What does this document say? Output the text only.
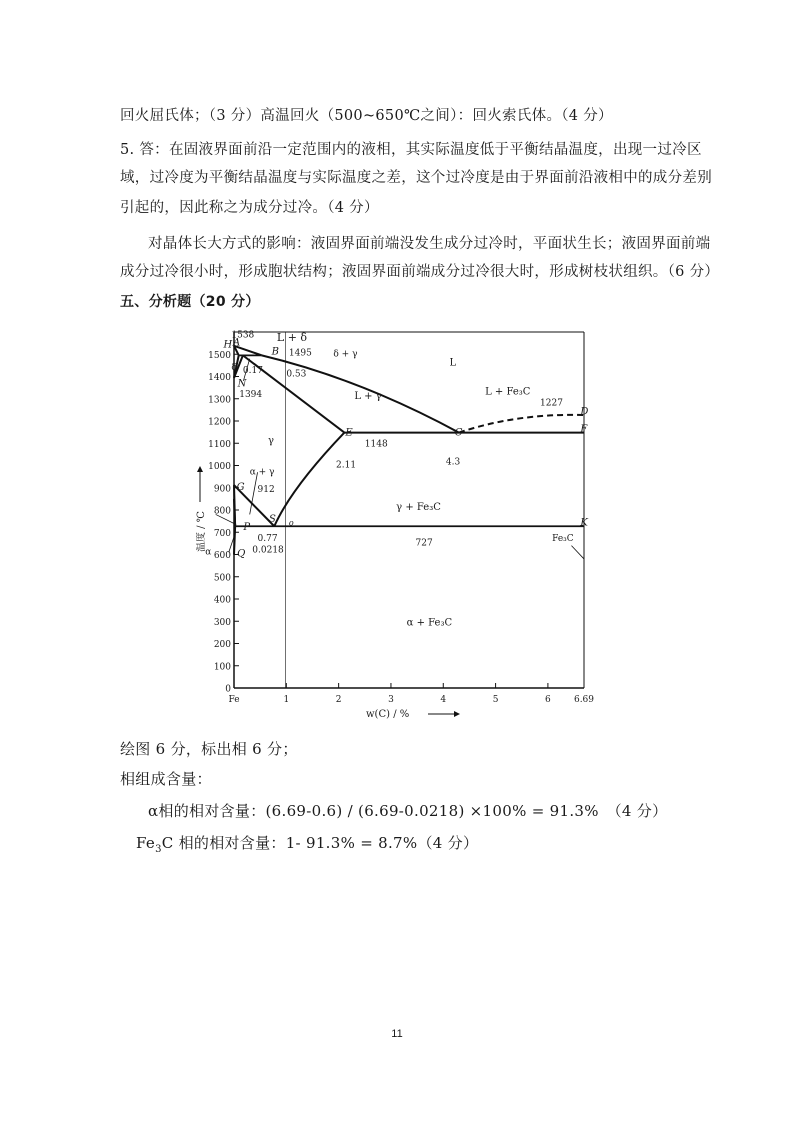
回火屈氏体；（3 分）高温回火（500~650℃之间）：回火索氏体。（4 分）
5. 答：在固液界面前沿一定范围内的液相，其实际温度低于平衡结晶温度，出现一过冷区
域，过冷度为平衡结晶温度与实际温度之差，这个过冷度是由于界面前沿液相中的成分差别
引起的，因此称之为成分过冷。（4 分）
对晶体长大方式的影响：液固界面前端没发生成分过冷时，平面状生长；液固界面前端
成分过冷很小时，形成胞状结构；液固界面前端成分过冷很大时，形成树枝状组织。（6 分）
五、分析题（20 分）
0
100
200
300
400
500
600
700
800
900
1000
1100
1200
1300
1400
1500
Fe	1	2	3	4	5	6	6.69
H A
B
N
E	C
D
F
G
S
P
Q
K
o
L
L + δ
δ
δ + γ
L + γ	L + Fe₃C
γ
α + γ
γ + Fe₃C
α + Fe₃C
α
Fe₃C
1538
1495
0.17	0.53
1394
1148
2.11	4.3
1227
912
727
0.77
0.0218
温度 / ℃
w(C) / %
绘图 6 分，标出相 6 分；
相组成含量：
α相的相对含量：(6.69-0.6) / (6.69-0.0218) ×100% = 91.3%　（4 分）
$Fe_3C$ 相的相对含量：1- 91.3% = 8.7%（4 分）
11
